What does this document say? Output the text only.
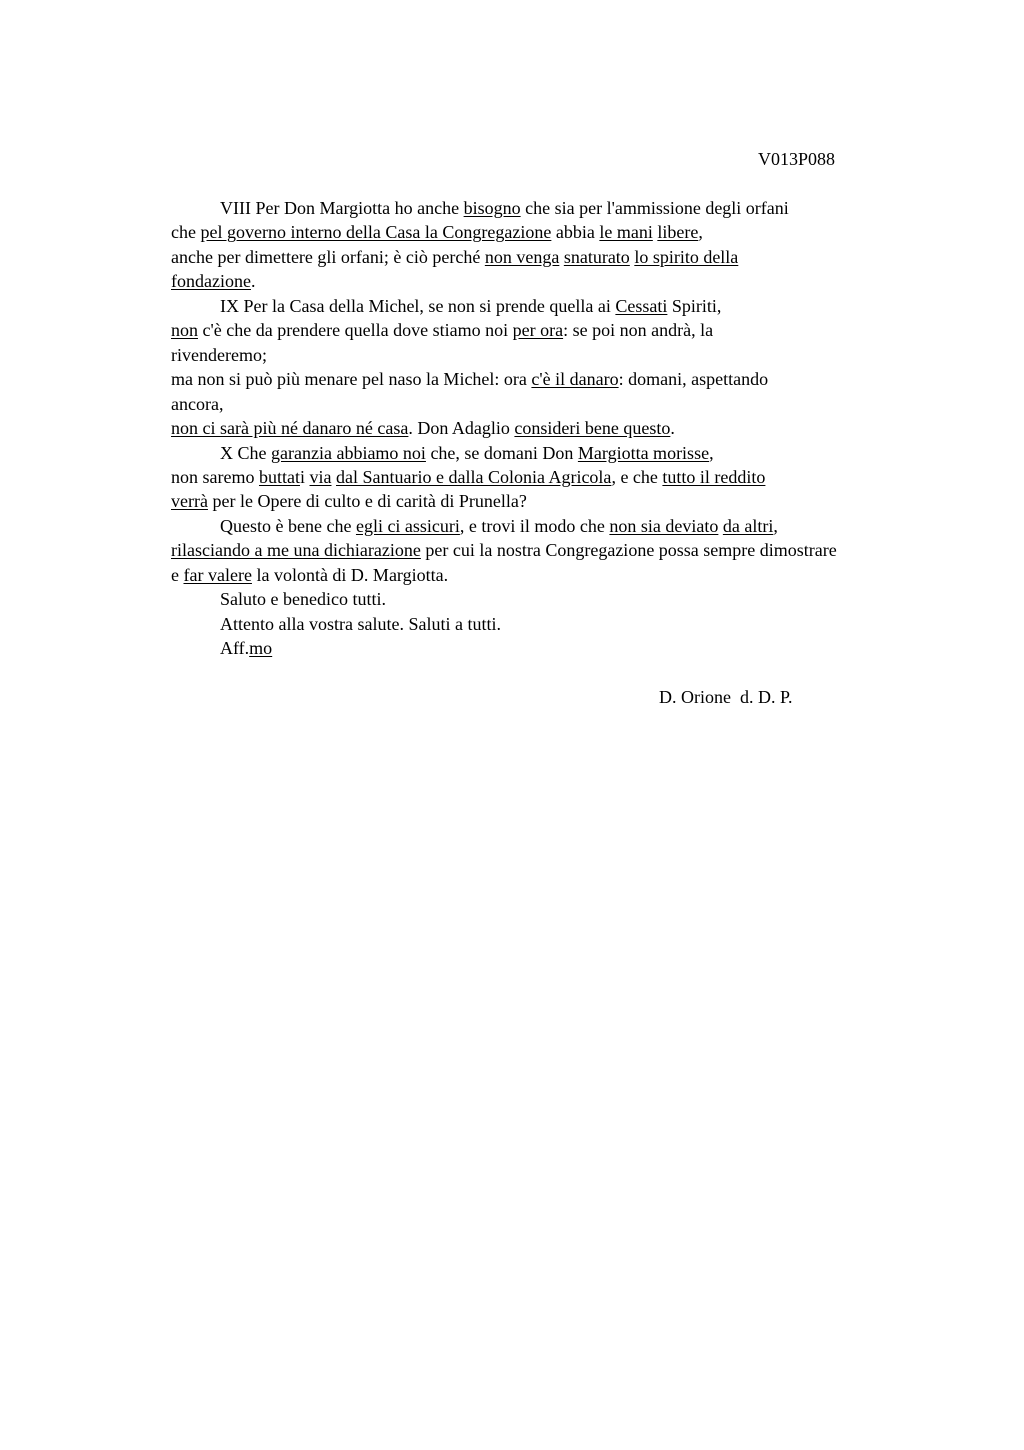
V013P088
VIII Per Don Margiotta ho anche bisogno che sia per l'ammissione degli orfani
che pel governo interno della Casa la Congregazione abbia le mani libere,
anche per dimettere gli orfani; è ciò perché non venga snaturato lo spirito della
fondazione.
IX Per la Casa della Michel, se non si prende quella ai Cessati Spiriti,
non c'è che da prendere quella dove stiamo noi per ora: se poi non andrà, la
rivenderemo;
ma non si può più menare pel naso la Michel: ora c'è il danaro: domani, aspettando
ancora,
non ci sarà più né danaro né casa. Don Adaglio consideri bene questo.
X Che garanzia abbiamo noi che, se domani Don Margiotta morisse,
non saremo buttati via dal Santuario e dalla Colonia Agricola, e che tutto il reddito
verrà per le Opere di culto e di carità di Prunella?
Questo è bene che egli ci assicuri, e trovi il modo che non sia deviato da altri,
rilasciando a me una dichiarazione per cui la nostra Congregazione possa sempre dimostrare
e far valere la volontà di D. Margiotta.
Saluto e benedico tutti.
Attento alla vostra salute. Saluti a tutti.
Aff.mo
D. Orione  d. D. P.
